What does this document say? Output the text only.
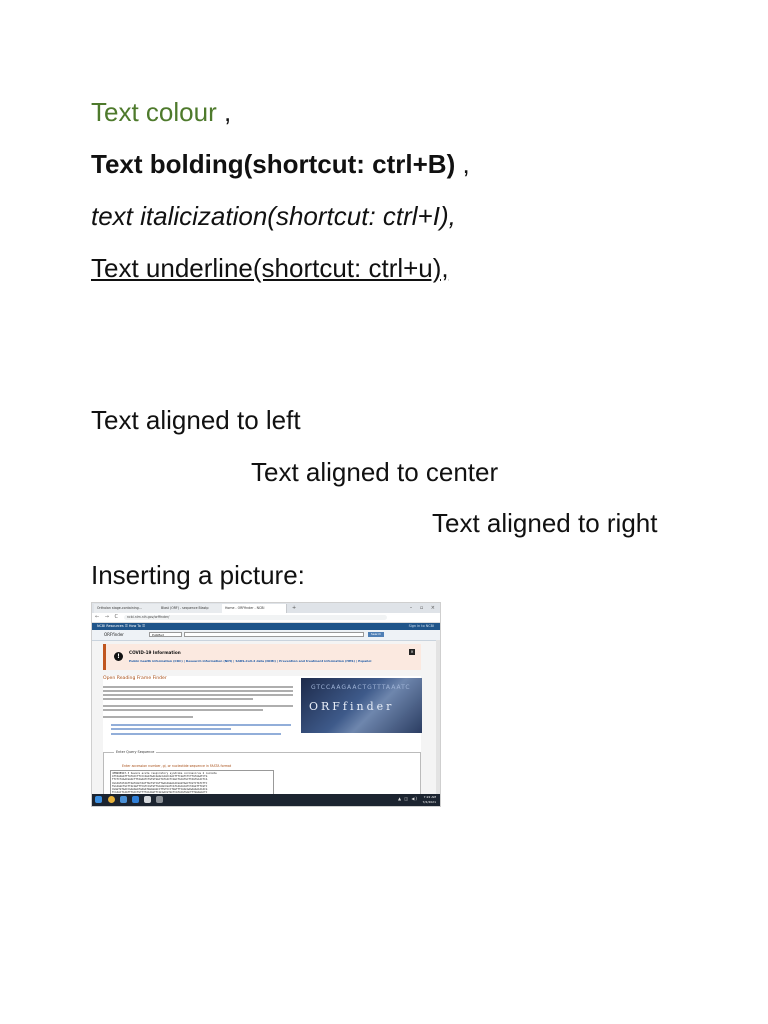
Text colour ,
Text bolding(shortcut: ctrl+B) ,
text italicization(shortcut: ctrl+I),
Text underline(shortcut: ctrl+u),
Text aligned to left
Text aligned to center
Text aligned to right
Inserting a picture:
Ortholan stage-containing...	Blast (ORF) - sequence Blastp	Home - ORFfinder - NCBI	+	– ▫ ×
← → C	ncbi.nlm.nih.gov/orffinder/
NCBI Resources ☰ How To ☰	Sign in to NCBI
ORFfinder	PubMed	Search
!
COVID-19 Information
Public health information (CDC) | Research information (NIH) | SARS-CoV-2 data (NCBI) | Prevention and treatment information (HHS) | Español
×
Open Reading Frame Finder
GTCCAAGAACTGTTTAAATC
ORFfinder
Enter Query Sequence
Enter accession number, gi, or nucleotide sequence in FASTA format
>MN908947.3 Severe acute respiratory syndrome coronavirus 2 isolate
ATTAAAGGTTTATACCTTCCCAGGTAACAAACCAACCAACTTTCGATCTCTTGTAGATCTG
TTCTCTAAACGAACTTTAAAATCTGTGTGGCTGTCACTCGGCTGCATGCTTAGTGCACTCA
CGCAGTATAATTAATAACTAATTACTGTCGTTGACAGGACACGAGTAACTCGTCTATCTTC
TGCAGGCTGCTTACGGTTTCGTCCGTGTTGCAGCCGATCATCAGCACATCTAGGTTTCGTC
CGGGTGTGACCGAAAGGTAAGATGGAGAGCCTTGTCCCTGGTTTCAACGAGAAAACACACG
TCCAACTCAGTTTGCCTGTTTTACAGGTTCGCGACGTGCTCGTACGTGGCTTTGGAGACTC
▲ ◫ ◀)	7:22 AM
7/2/2021
